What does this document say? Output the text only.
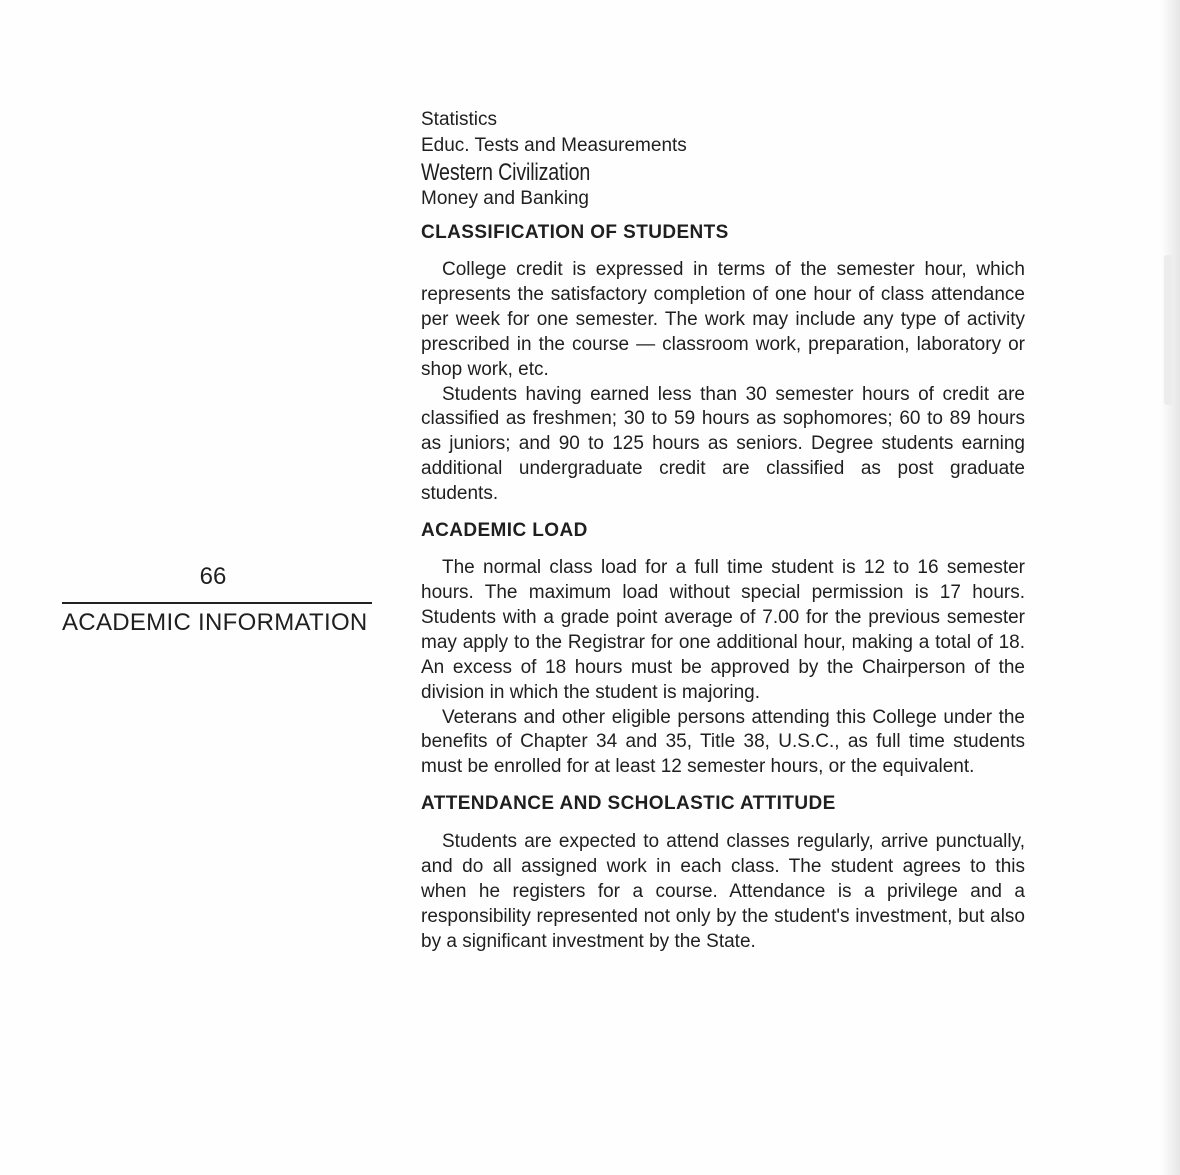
66
ACADEMIC INFORMATION
Statistics
Educ. Tests and Measurements
Western Civilization
Money and Banking
CLASSIFICATION OF STUDENTS

College credit is expressed in terms of the semester hour, which represents the satisfactory completion of one hour of class attendance per week for one semester. The work may include any type of activity prescribed in the course — classroom work, preparation, laboratory or shop work, etc.

Students having earned less than 30 semester hours of credit are classified as freshmen; 30 to 59 hours as sophomores; 60 to 89 hours as juniors; and 90 to 125 hours as seniors. Degree students earning additional undergraduate credit are classified as post graduate students.

ACADEMIC LOAD

The normal class load for a full time student is 12 to 16 semester hours. The maximum load without special permission is 17 hours. Students with a grade point average of 7.00 for the previous semester may apply to the Registrar for one additional hour, making a total of 18. An excess of 18 hours must be approved by the Chairperson of the division in which the student is majoring.

Veterans and other eligible persons attending this College under the benefits of Chapter 34 and 35, Title 38, U.S.C., as full time students must be enrolled for at least 12 semester hours, or the equivalent.

ATTENDANCE AND SCHOLASTIC ATTITUDE

Students are expected to attend classes regularly, arrive punctually, and do all assigned work in each class. The student agrees to this when he registers for a course. Attendance is a privilege and a responsibility represented not only by the student's investment, but also by a significant investment by the State.
